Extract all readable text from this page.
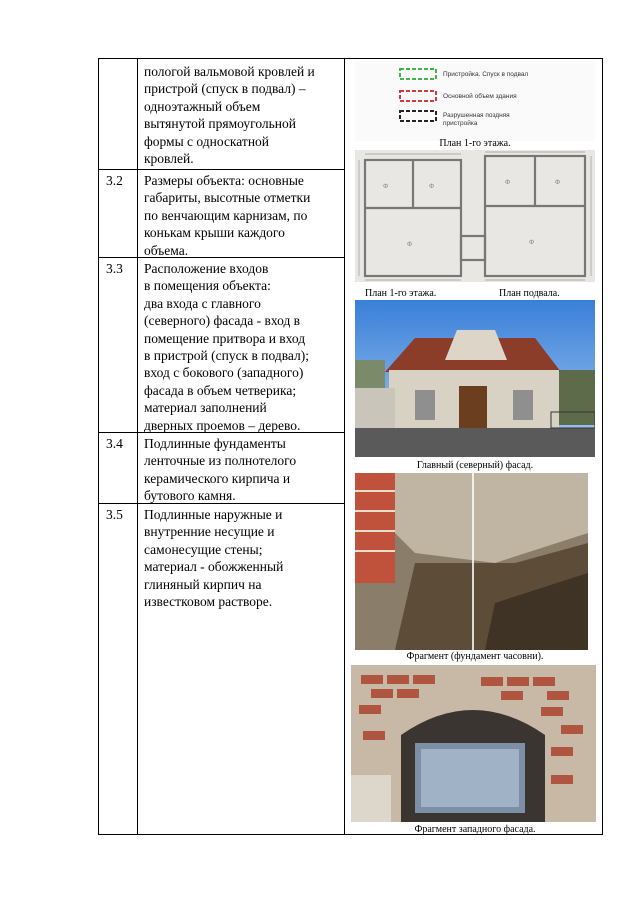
пологой вальмовой кровлей и
пристрой (спуск в подвал) –
одноэтажный объем
вытянутой прямоугольной
формы с односкатной
кровлей.
3.2 Размеры объекта: основные
габариты, высотные отметки
по венчающим карнизам, по
конькам крыши каждого
объема.
3.3 Расположение входов
в помещения объекта:
два входа с главного
(северного) фасада - вход в
помещение притвора и вход
в пристрой (спуск в подвал);
вход с бокового (западного)
фасада в объем четверика;
материал заполнений
дверных проемов – дерево.
3.4 Подлинные фундаменты
ленточные из полнотелого
керамического кирпича и
бутового камня.
3.5 Подлинные наружные и
внутренние несущие и
самонесущие стены;
материал - обожженный
глиняный кирпич на
известковом растворе.
Пристройка. Спуск в подвал
Основной объем здания
Разрушенная поздняя
пристройка
План 1-го этажа.
Ф	Ф
Ф
Ф	Ф
Ф
План 1-го этажа.	План подвала.
Главный (северный) фасад.
Фрагмент (фундамент часовни).
Фрагмент западного фасада.
